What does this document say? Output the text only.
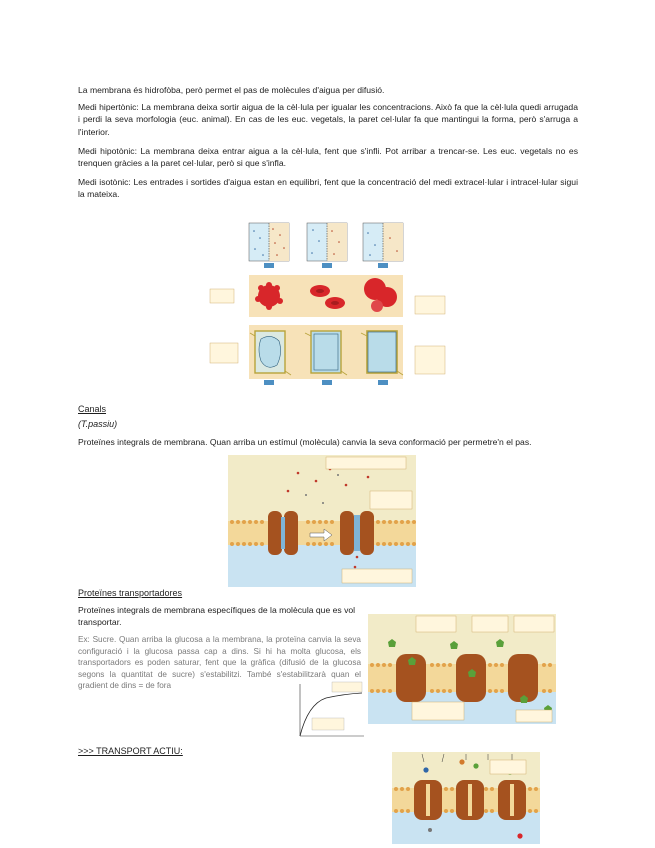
La membrana és hidrofòba, però permet el pas de molècules d'aigua per difusió.

Medi hipertònic: La membrana deixa sortir aigua de la cèl·lula per igualar les concentracions. Això fa que la cèl·lula quedi arrugada i perdi la seva morfologia (euc. animal). En cas de les euc. vegetals, la paret cel·lular fa que mantingui la forma, però s'arruga a l'interior.

Medi hipotònic: La membrana deixa entrar aigua a la cèl·lula, fent que s'infli. Pot arribar a trencar-se. Les euc. vegetals no es trenquen gràcies a la paret cel·lular, però si que s'infla.

Medi isotònic: Les entrades i sortides d'aigua estan en equilibri, fent que la concentració del medi extracel·lular i intracel·lular sigui la mateixa.

Canals

(T.passiu)

Proteïnes integrals de membrana. Quan arriba un estímul (molècula) canvia la seva conformació per permetre'n el pas.

Proteïnes transportadores

Proteïnes integrals de membrana específiques de la molècula que es vol transportar.

Ex: Sucre. Quan arriba la glucosa a la membrana, la proteïna canvia la seva configuració i la glucosa passa cap a dins. Si hi ha molta glucosa, els transportadors es poden saturar, fent que la gràfica (difusió de la glucosa segons la quantitat de sucre) s'estabilitzi. També s'estabilitzarà quan el gradient de dins = de fora

>>> TRANSPORT ACTIU:
